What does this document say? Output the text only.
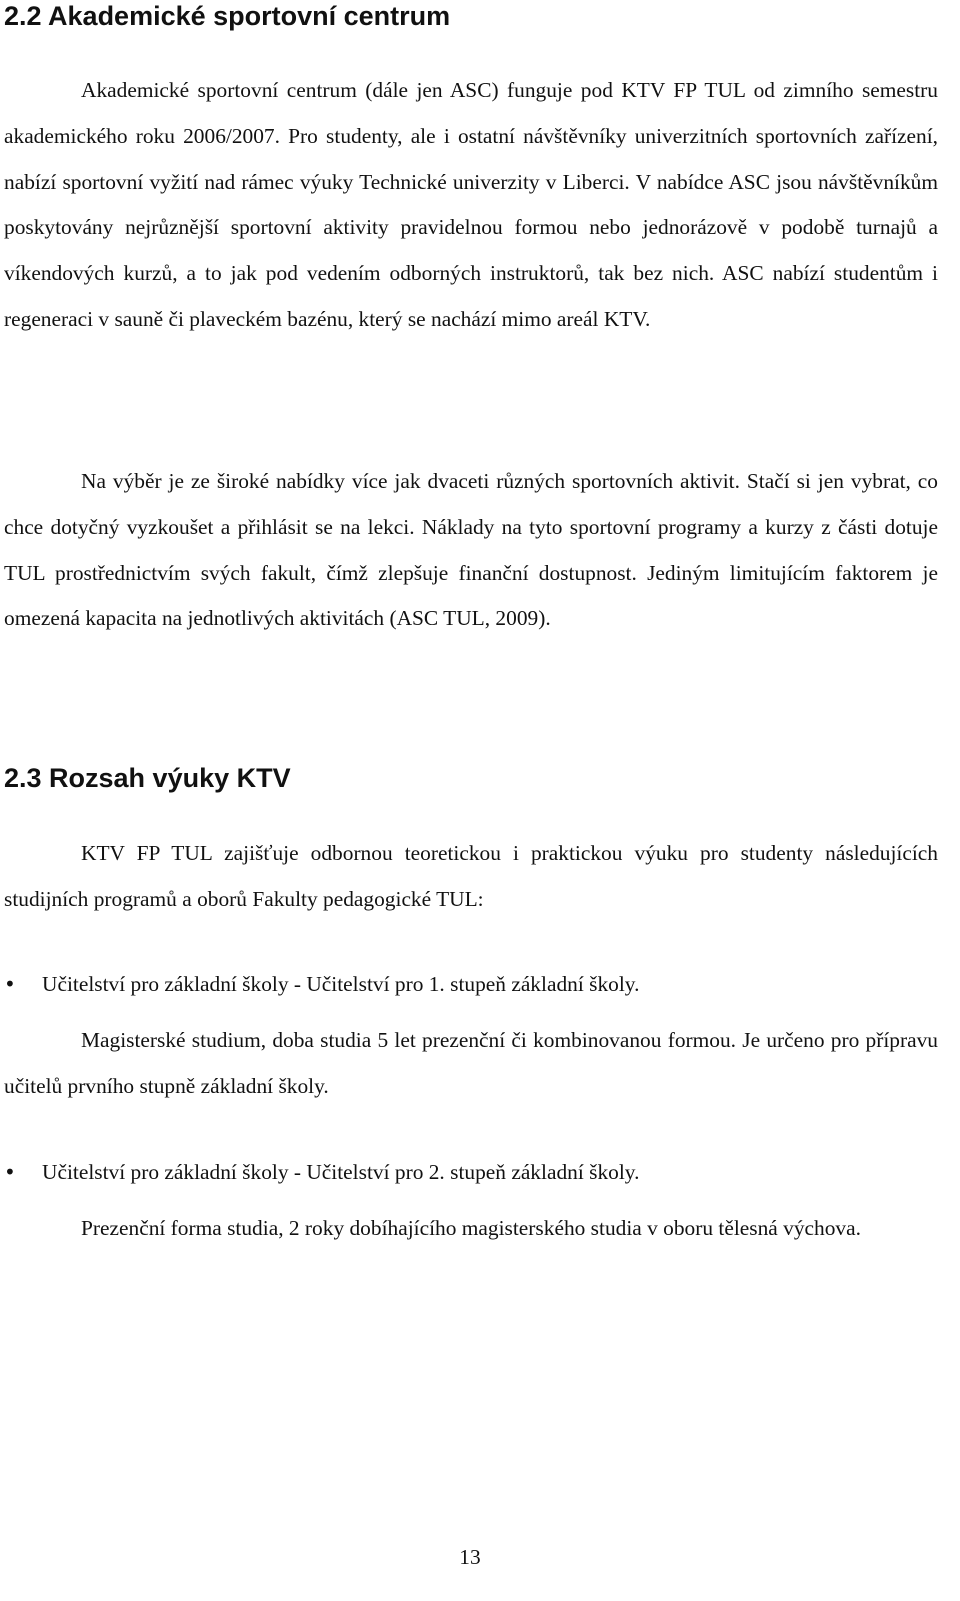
2.2 Akademické sportovní centrum

Akademické sportovní centrum (dále jen ASC) funguje pod KTV FP TUL od zimního semestru akademického roku 2006/2007. Pro studenty, ale i ostatní návštěvníky univerzitních sportovních zařízení, nabízí sportovní vyžití nad rámec výuky Technické univerzity v Liberci. V nabídce ASC jsou návštěvníkům poskytovány nejrůznější sportovní aktivity pravidelnou formou nebo jednorázově v podobě turnajů a víkendových kurzů, a to jak pod vedením odborných instruktorů, tak bez nich. ASC nabízí studentům i regeneraci v sauně či plaveckém bazénu, který se nachází mimo areál KTV.

Na výběr je ze široké nabídky více jak dvaceti různých sportovních aktivit. Stačí si jen vybrat, co chce dotyčný vyzkoušet a přihlásit se na lekci. Náklady na tyto sportovní programy a kurzy z části dotuje TUL prostřednictvím svých fakult, čímž zlepšuje finanční dostupnost. Jediným limitujícím faktorem je omezená kapacita na jednotlivých aktivitách (ASC TUL, 2009).

2.3 Rozsah výuky KTV

KTV FP TUL zajišťuje odbornou teoretickou i praktickou výuku pro studenty následujících studijních programů a oborů Fakulty pedagogické TUL:

• Učitelství pro základní školy - Učitelství pro 1. stupeň základní školy.

Magisterské studium, doba studia 5 let prezenční či kombinovanou formou. Je určeno pro přípravu učitelů prvního stupně základní školy.

• Učitelství pro základní školy - Učitelství pro 2. stupeň základní školy.

Prezenční forma studia, 2 roky dobíhajícího magisterského studia v oboru tělesná výchova.

13
